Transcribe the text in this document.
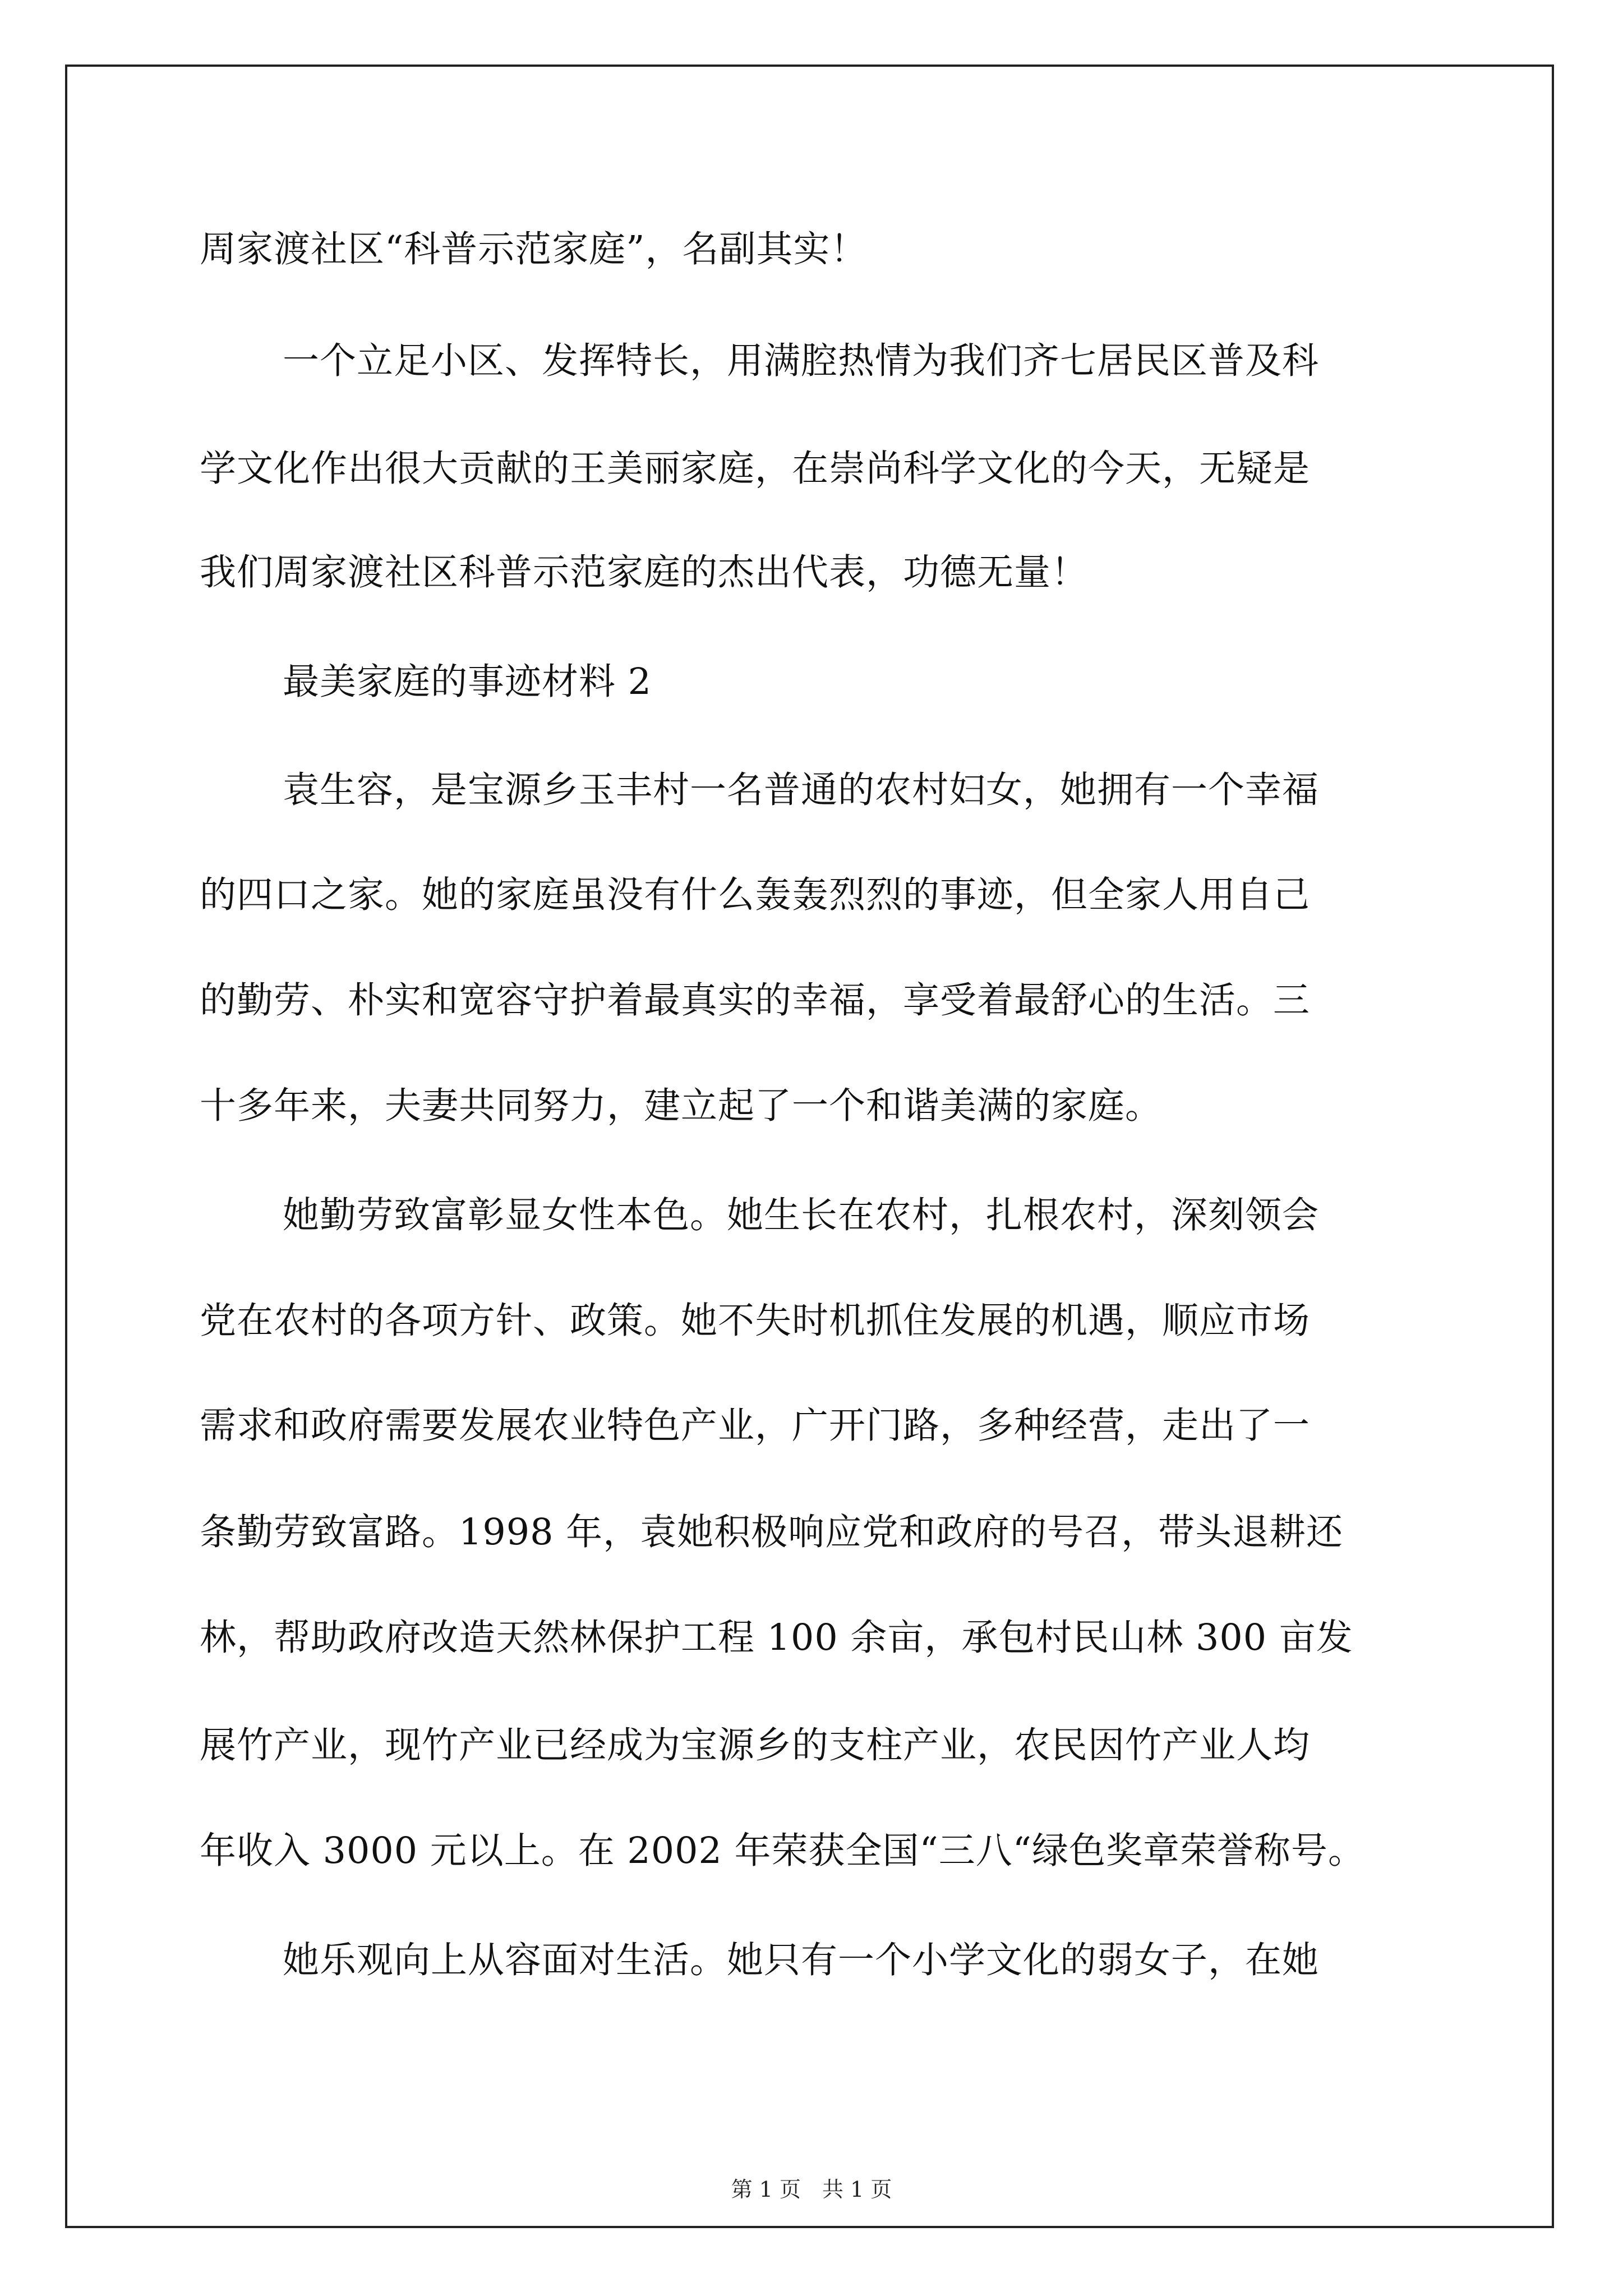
周家渡社区“科普示范家庭”，名副其实！
一个立足小区、发挥特长，用满腔热情为我们齐七居民区普及科
学文化作出很大贡献的王美丽家庭，在崇尚科学文化的今天，无疑是
我们周家渡社区科普示范家庭的杰出代表，功德无量！
最美家庭的事迹材料 2
袁生容，是宝源乡玉丰村一名普通的农村妇女，她拥有一个幸福
的四口之家。她的家庭虽没有什么轰轰烈烈的事迹，但全家人用自己
的勤劳、朴实和宽容守护着最真实的幸福，享受着最舒心的生活。三
十多年来，夫妻共同努力，建立起了一个和谐美满的家庭。
她勤劳致富彰显女性本色。她生长在农村，扎根农村，深刻领会
党在农村的各项方针、政策。她不失时机抓住发展的机遇，顺应市场
需求和政府需要发展农业特色产业，广开门路，多种经营，走出了一
条勤劳致富路。1998 年，袁她积极响应党和政府的号召，带头退耕还
林，帮助政府改造天然林保护工程 100 余亩，承包村民山林 300 亩发
展竹产业，现竹产业已经成为宝源乡的支柱产业，农民因竹产业人均
年收入 3000 元以上。在 2002 年荣获全国“三八“绿色奖章荣誉称号。
她乐观向上从容面对生活。她只有一个小学文化的弱女子，在她
第 1 页　共 1 页
